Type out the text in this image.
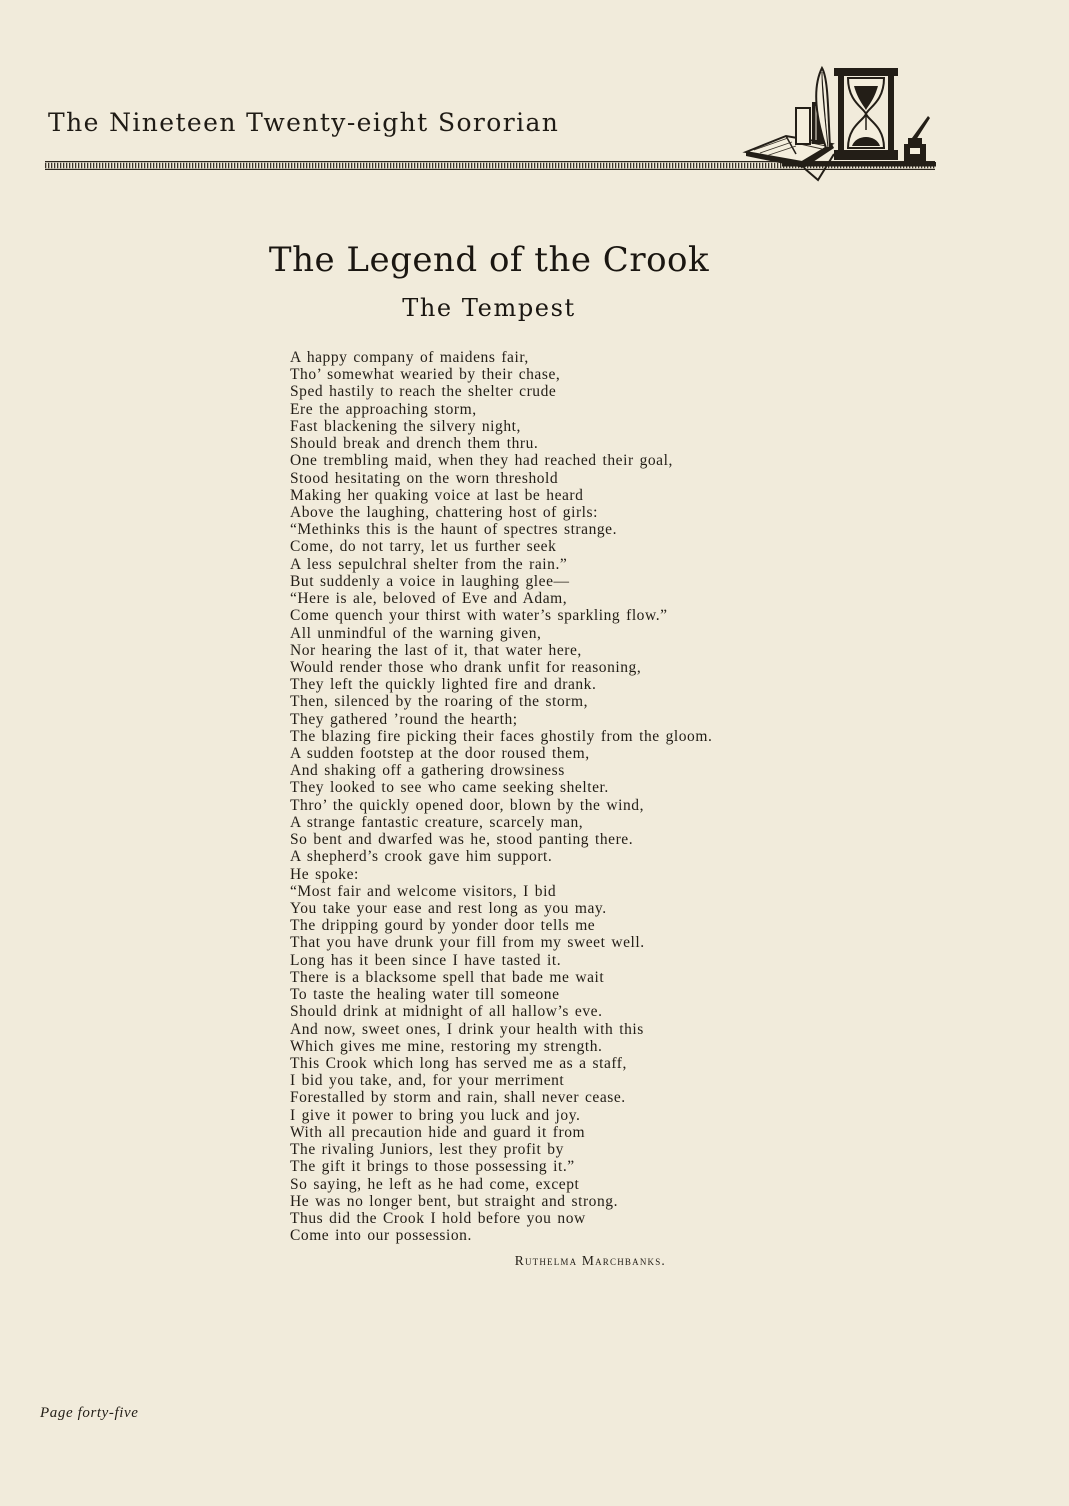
The Nineteen Twenty-eight Sororian
The Legend of the Crook
The Tempest
A happy company of maidens fair,
Tho’ somewhat wearied by their chase,
Sped hastily to reach the shelter crude
Ere the approaching storm,
Fast blackening the silvery night,
Should break and drench them thru.
One trembling maid, when they had reached their goal,
Stood hesitating on the worn threshold
Making her quaking voice at last be heard
Above the laughing, chattering host of girls:
“Methinks this is the haunt of spectres strange.
Come, do not tarry, let us further seek
A less sepulchral shelter from the rain.”
But suddenly a voice in laughing glee—
“Here is ale, beloved of Eve and Adam,
Come quench your thirst with water’s sparkling flow.”
All unmindful of the warning given,
Nor hearing the last of it, that water here,
Would render those who drank unfit for reasoning,
They left the quickly lighted fire and drank.
Then, silenced by the roaring of the storm,
They gathered ’round the hearth;
The blazing fire picking their faces ghostily from the gloom.
A sudden footstep at the door roused them,
And shaking off a gathering drowsiness
They looked to see who came seeking shelter.
Thro’ the quickly opened door, blown by the wind,
A strange fantastic creature, scarcely man,
So bent and dwarfed was he, stood panting there.
A shepherd’s crook gave him support.
He spoke:
“Most fair and welcome visitors, I bid
You take your ease and rest long as you may.
The dripping gourd by yonder door tells me
That you have drunk your fill from my sweet well.
Long has it been since I have tasted it.
There is a blacksome spell that bade me wait
To taste the healing water till someone
Should drink at midnight of all hallow’s eve.
And now, sweet ones, I drink your health with this
Which gives me mine, restoring my strength.
This Crook which long has served me as a staff,
I bid you take, and, for your merriment
Forestalled by storm and rain, shall never cease.
I give it power to bring you luck and joy.
With all precaution hide and guard it from
The rivaling Juniors, lest they profit by
The gift it brings to those possessing it.”
So saying, he left as he had come, except
He was no longer bent, but straight and strong.
Thus did the Crook I hold before you now
Come into our possession.
Ruthelma Marchbanks.
Page forty-five
